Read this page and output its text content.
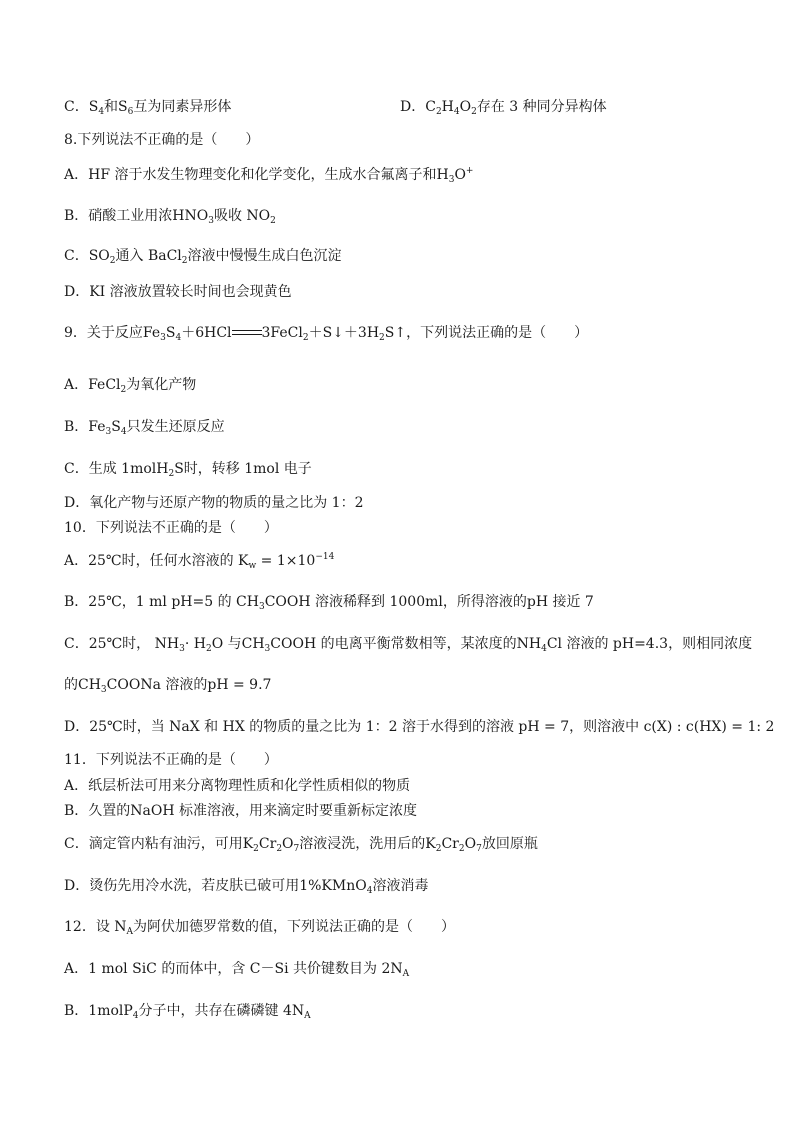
C．$S_4$和$S_6$互为同素异形体	D．$C_2H_4O_2$存在 3 种同分异构体
8.下列说法不正确的是（　　）
A．HF 溶于水发生物理变化和化学变化，生成水合氟离子和$H_3O^+$
B．硝酸工业用浓$HNO_3$吸收 $NO_2$
C．$SO_2$通入 BaCl$_2$溶液中慢慢生成白色沉淀
D．KI 溶液放置较长时间也会现黄色
9．关于反应$Fe_3S_4+6HCl$ $3FeCl_2+S↓+3H_2S↑$，下列说法正确的是（　　）
A．FeCl$_2$为氧化产物
B．$Fe_3S_4$只发生还原反应
C．生成 1molH$_2$S时，转移 1mol 电子
D．氧化产物与还原产物的物质的量之比为 1：2
10．下列说法不正确的是（　　）
A．25℃时，任何水溶液的 $K_w = 1\times 10^{-14}$
B．25℃，1 ml pH=5 的 $CH_3COOH$ 溶液稀释到 1000ml，所得溶液的pH 接近 7
C．25℃时， $NH_3\cdot H_2O$ 与$CH_3COOH$ 的电离平衡常数相等，某浓度的$NH_4Cl$ 溶液的 pH=4.3，则相同浓度
的$CH_3COONa$ 溶液的pH = 9.7
D．25℃时，当 NaX 和 HX 的物质的量之比为 1：2 溶于水得到的溶液 pH = 7，则溶液中 c(X) : c(HX) = 1: 2
11．下列说法不正确的是（　　）
A．纸层析法可用来分离物理性质和化学性质相似的物质
B．久置的NaOH 标准溶液，用来滴定时要重新标定浓度
C．滴定管内粘有油污，可用$K_2Cr_2O_7$溶液浸洗，洗用后的$K_2Cr_2O_7$放回原瓶
D．烫伤先用冷水洗，若皮肤已破可用1%KMnO$_4$溶液消毒
12．设 $N_A$为阿伏加德罗常数的值，下列说法正确的是（　　）
A．1 mol SiC 的而体中，含 C－Si 共价键数目为 $2N_A$
B．1molP$_4$分子中，共存在磷磷键 $4N_A$
